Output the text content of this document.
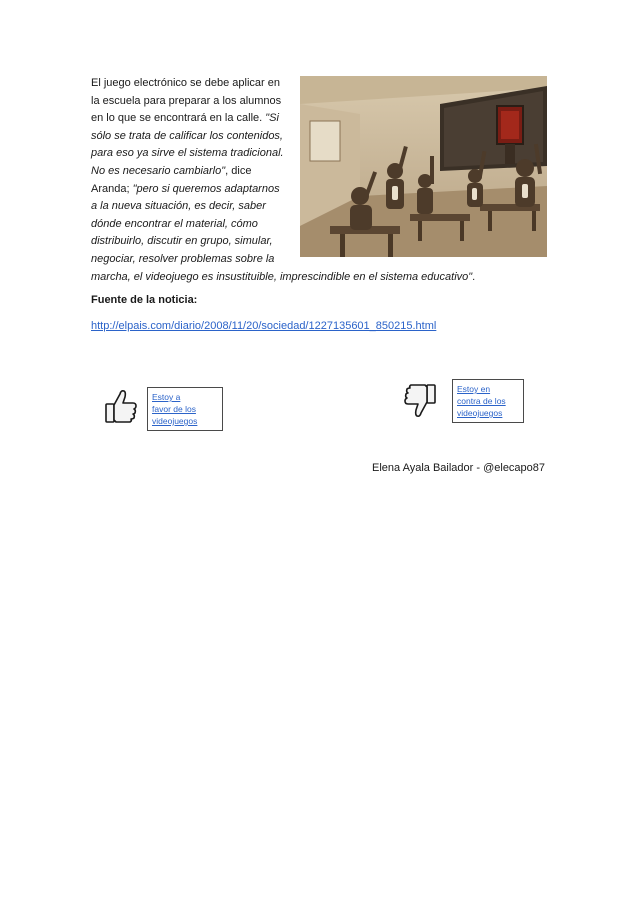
El juego electrónico se debe aplicar en
la escuela para preparar a los alumnos
en lo que se encontrará en la calle. "Si
sólo se trata de calificar los contenidos,
para eso ya sirve el sistema tradicional.
No es necesario cambiarlo", dice
Aranda; "pero si queremos adaptarnos
a la nueva situación, es decir, saber
dónde encontrar el material, cómo
distribuirlo, discutir en grupo, simular,
negociar, resolver problemas sobre la
marcha, el videojuego es insustituible, imprescindible en el sistema educativo".
Fuente de la noticia:
http://elpais.com/diario/2008/11/20/sociedad/1227135601_850215.html
Estoy a
favor de los
videojuegos
Estoy en
contra de los
videojuegos
Elena Ayala Bailador - @elecapo87
